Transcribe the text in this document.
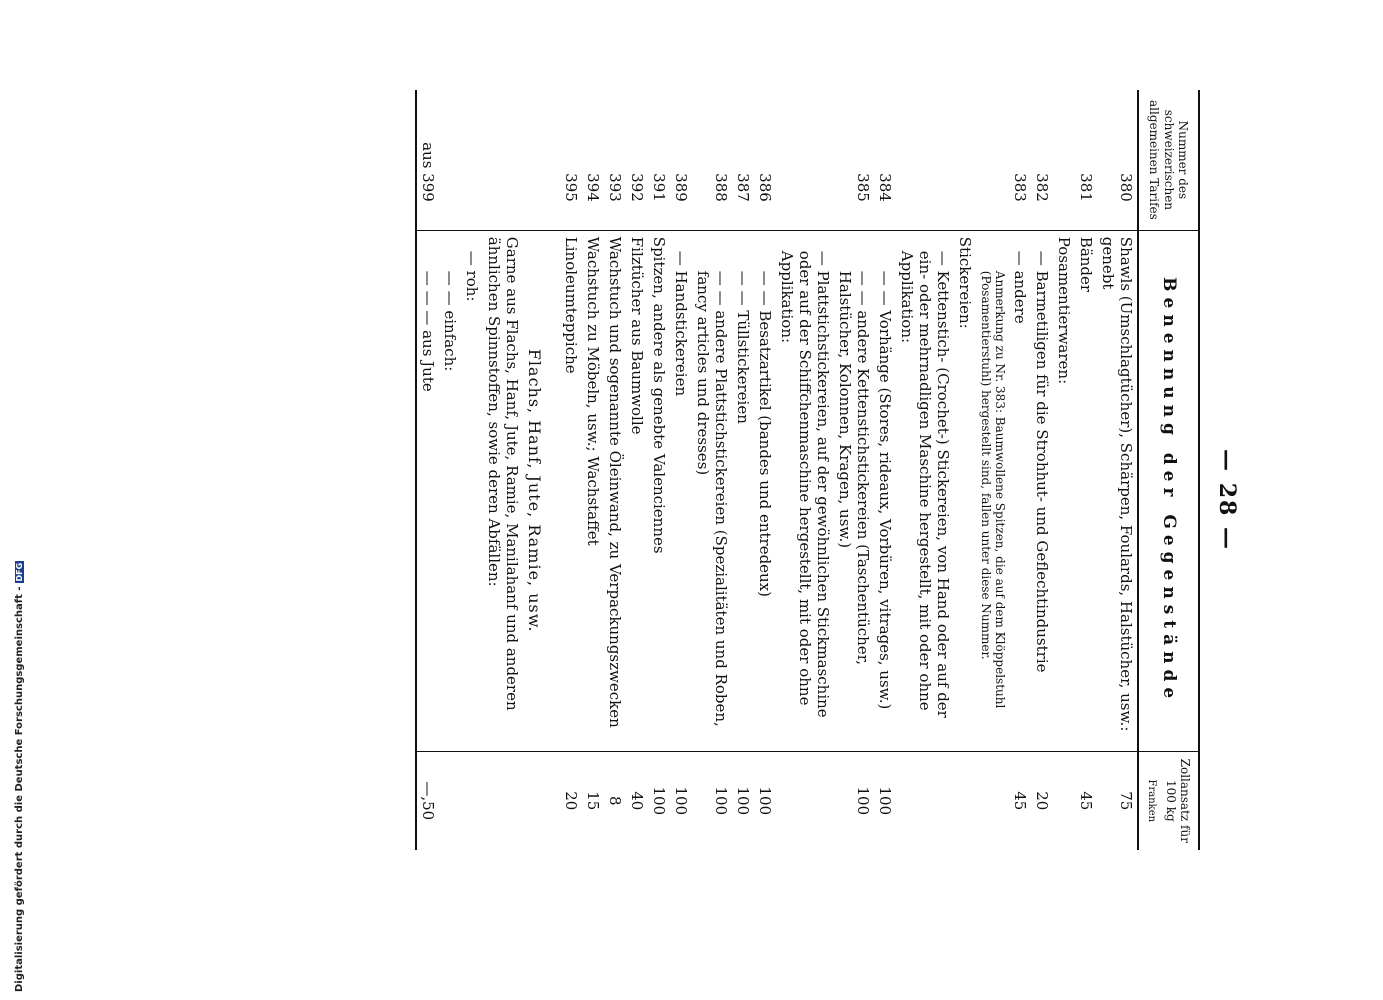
Digitalisierung gefördert durch die Deutsche Forschungsgemeinschaft -DFG
— 28 —
Nummer des schweizerischen allgemeinen Tarifes	Benennung der Gegenstände	Zollansatz für 100 kg
Franken

380	Shawls (Umschlagtücher), Schärpen, Foulards, Halstücher, usw.: genebt	75
381	Bänder	45
	Posamentierwaren:	
382	— Barmetiligen für die Strohhut- und Geflechtindustrie	20
383	— andere	45
	Anmerkung zu Nr. 383: Baumwollene Spitzen, die auf dem Klöppelstuhl (Posamentierstuhl) hergestellt sind, fallen unter diese Nummer.	
	Stickereien:	
	— Kettenstich- (Crochet-) Stickereien, von Hand oder auf der ein- oder mehrnadligen Maschine hergestellt, mit oder ohne Applikation:	
384	— — Vorhänge (Stores, rideaux, Vorbüren, vitrages, usw.)	100
385	— — andere Kettenstichstickereien (Taschentücher, Halstücher, Kolonnen, Kragen, usw.)	100
	— Plattstichstickereien, auf der gewöhnlichen Stickmaschine oder auf der Schiffchenmaschine hergestellt, mit oder ohne Applikation:	
386	— — Besatzartikel (bandes und entredeux)	100
387	— — Tüllstickereien	100
388	— — andere Plattstichstickereien (Spezialitäten und Roben, fancy articles und dresses)	100
389	— Handstickereien	100
391	Spitzen, andere als genebte Valenciennes	100
392	Filztücher aus Baumwolle	40
393	Wachstuch und sogenannte Öleinwand, zu Verpackungszwecken	8
394	Wachstuch zu Möbeln, usw.; Wachstaffet	15
395	Linoleumteppiche	20
	Flachs, Hanf, Jute, Ramie, usw.	
	Garne aus Flachs, Hanf, Jute, Ramie, Manilahanf und anderen ähnlichen Spinnstoffen, sowie deren Abfällen:	
	— roh:	
	— — einfach:	
aus 399	— — — aus Jute	—,50
